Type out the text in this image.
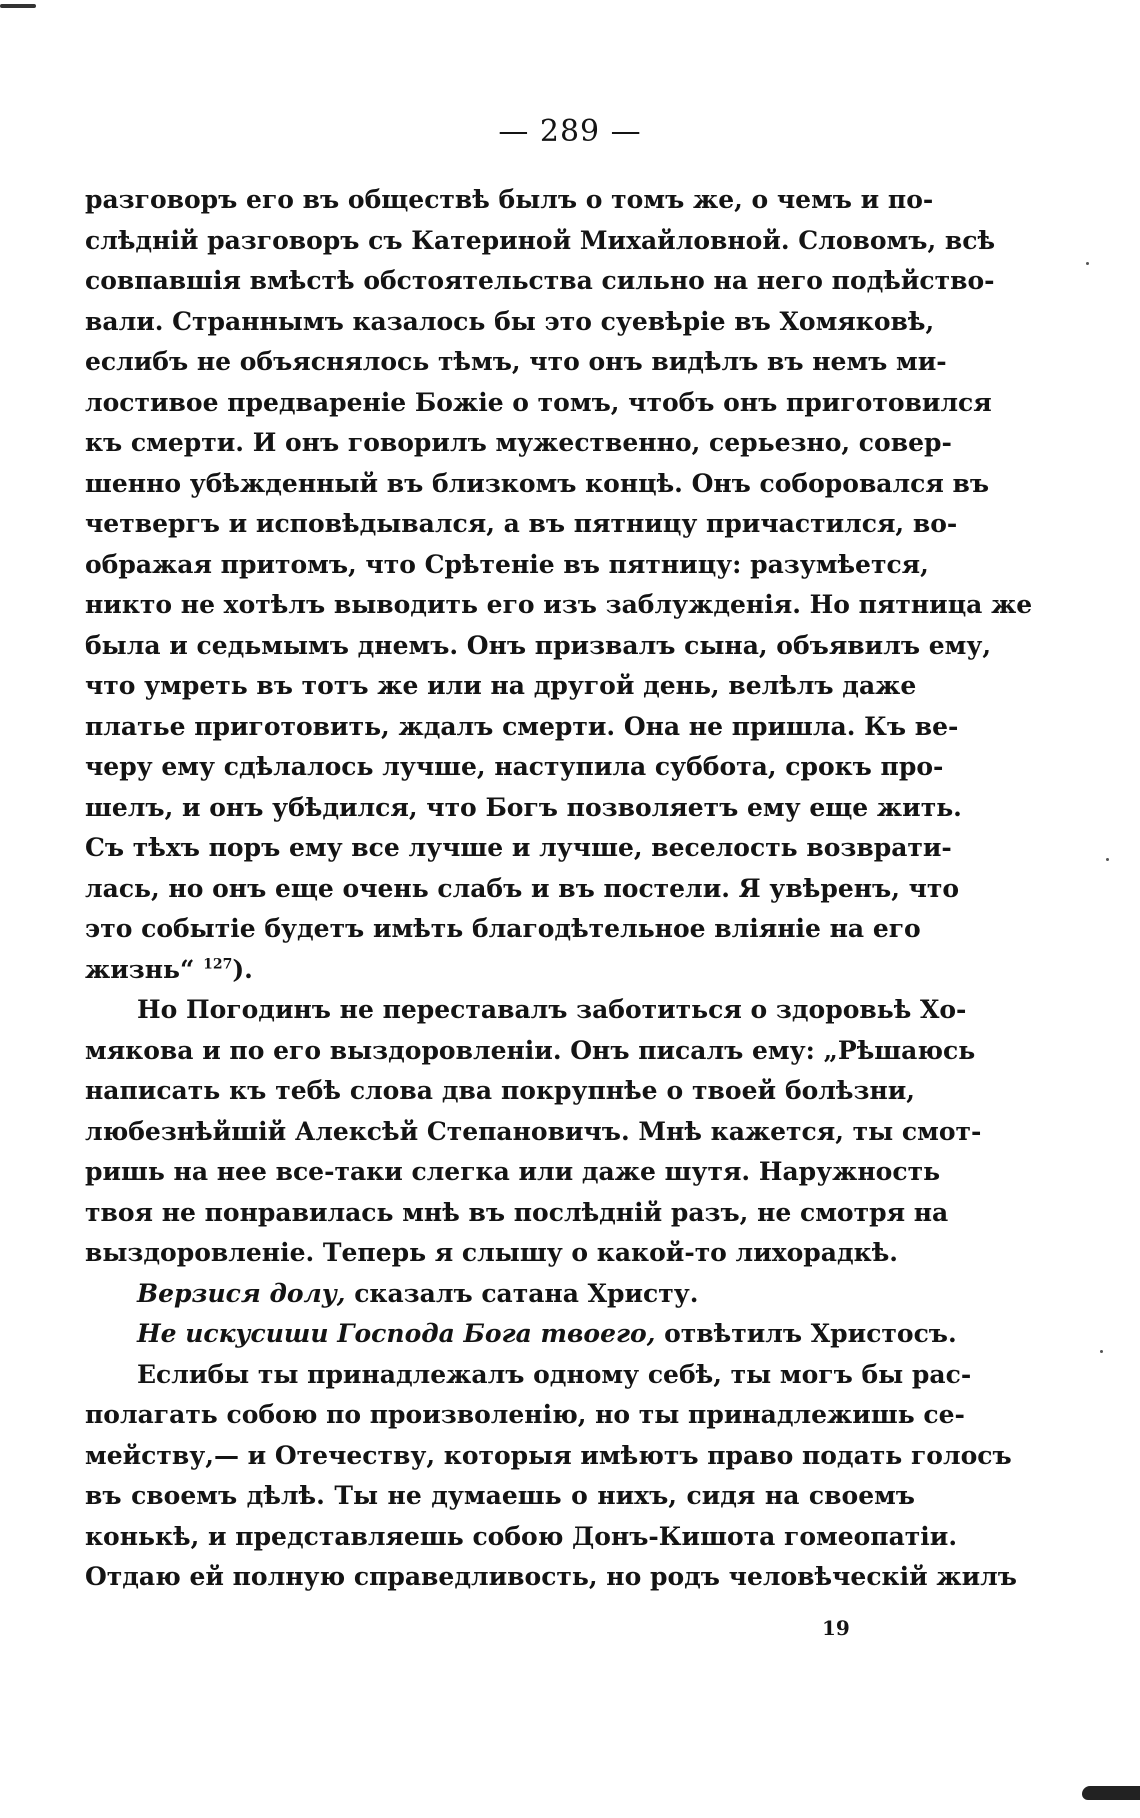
— 289 —
разговоръ его въ обществѣ былъ о томъ же, о чемъ и по-
слѣдній разговоръ съ Катериной Михайловной. Словомъ, всѣ
совпавшія вмѣстѣ обстоятельства сильно на него подѣйство-
вали. Страннымъ казалось бы это суевѣріе въ Хомяковѣ,
еслибъ не объяснялось тѣмъ, что онъ видѣлъ въ немъ ми-
лостивое предвареніе Божіе о томъ, чтобъ онъ приготовился
къ смерти. И онъ говорилъ мужественно, серьезно, совер-
шенно убѣжденный въ близкомъ концѣ. Онъ соборовался въ
четвергъ и исповѣдывался, а въ пятницу причастился, во-
ображая притомъ, что Срѣтеніе въ пятницу: разумѣется,
никто не хотѣлъ выводить его изъ заблужденія. Но пятница же
была и седьмымъ днемъ. Онъ призвалъ сына, объявилъ ему,
что умреть въ тотъ же или на другой день, велѣлъ даже
платье приготовить, ждалъ смерти. Она не пришла. Къ ве-
черу ему сдѣлалось лучше, наступила суббота, срокъ про-
шелъ, и онъ убѣдился, что Богъ позволяетъ ему еще жить.
Съ тѣхъ поръ ему все лучше и лучше, веселость возврати-
лась, но онъ еще очень слабъ и въ постели. Я увѣренъ, что
это событіе будетъ имѣть благодѣтельное вліяніе на его
жизнь“ $^{127}$).
Но Погодинъ не переставалъ заботиться о здоровьѣ Хо-
мякова и по его выздоровленіи. Онъ писалъ ему: „Рѣшаюсь
написать къ тебѣ слова два покрупнѣе о твоей болѣзни,
любезнѣйшій Алексѣй Степановичъ. Мнѣ кажется, ты смот-
ришь на нее все-таки слегка или даже шутя. Наружность
твоя не понравилась мнѣ въ послѣдній разъ, не смотря на
выздоровленіе. Теперь я слышу о какой-то лихорадкѣ.
Верзися долу, сказалъ сатана Христу.
Не искусиши Господа Бога твоего, отвѣтилъ Христосъ.
Еслибы ты принадлежалъ одному себѣ, ты могъ бы рас-
полагать собою по произволенію, но ты принадлежишь се-
мейству,— и Отечеству, которыя имѣютъ право подать голосъ
въ своемъ дѣлѣ. Ты не думаешь о нихъ, сидя на своемъ
конькѣ, и представляешь собою Донъ-Кишота гомеопатіи.
Отдаю ей полную справедливость, но родъ человѣческій жилъ
19
